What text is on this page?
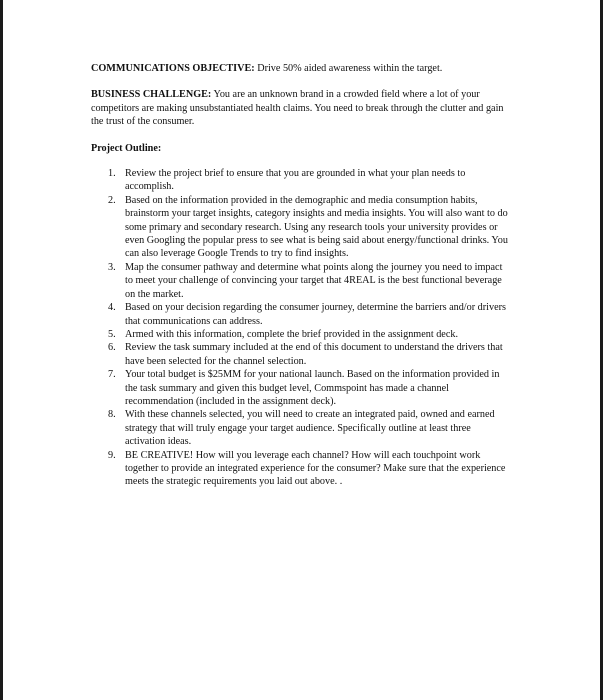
COMMUNICATIONS OBJECTIVE: Drive 50% aided awareness within the target.

BUSINESS CHALLENGE: You are an unknown brand in a crowded field where a lot of your competitors are making unsubstantiated health claims. You need to break through the clutter and gain the trust of the consumer.

Project Outline:

1. Review the project brief to ensure that you are grounded in what your plan needs to accomplish.
2. Based on the information provided in the demographic and media consumption habits, brainstorm your target insights, category insights and media insights. You will also want to do some primary and secondary research. Using any research tools your university provides or even Googling the popular press to see what is being said about energy/functional drinks. You can also leverage Google Trends to try to find insights.
3. Map the consumer pathway and determine what points along the journey you need to impact to meet your challenge of convincing your target that 4REAL is the best functional beverage on the market.
4. Based on your decision regarding the consumer journey, determine the barriers and/or drivers that communications can address.
5. Armed with this information, complete the brief provided in the assignment deck.
6. Review the task summary included at the end of this document to understand the drivers that have been selected for the channel selection.
7. Your total budget is $25MM for your national launch. Based on the information provided in the task summary and given this budget level, Commspoint has made a channel recommendation (included in the assignment deck).
8. With these channels selected, you will need to create an integrated paid, owned and earned strategy that will truly engage your target audience. Specifically outline at least three activation ideas.
9. BE CREATIVE! How will you leverage each channel? How will each touchpoint work together to provide an integrated experience for the consumer? Make sure that the experience meets the strategic requirements you laid out above. .
